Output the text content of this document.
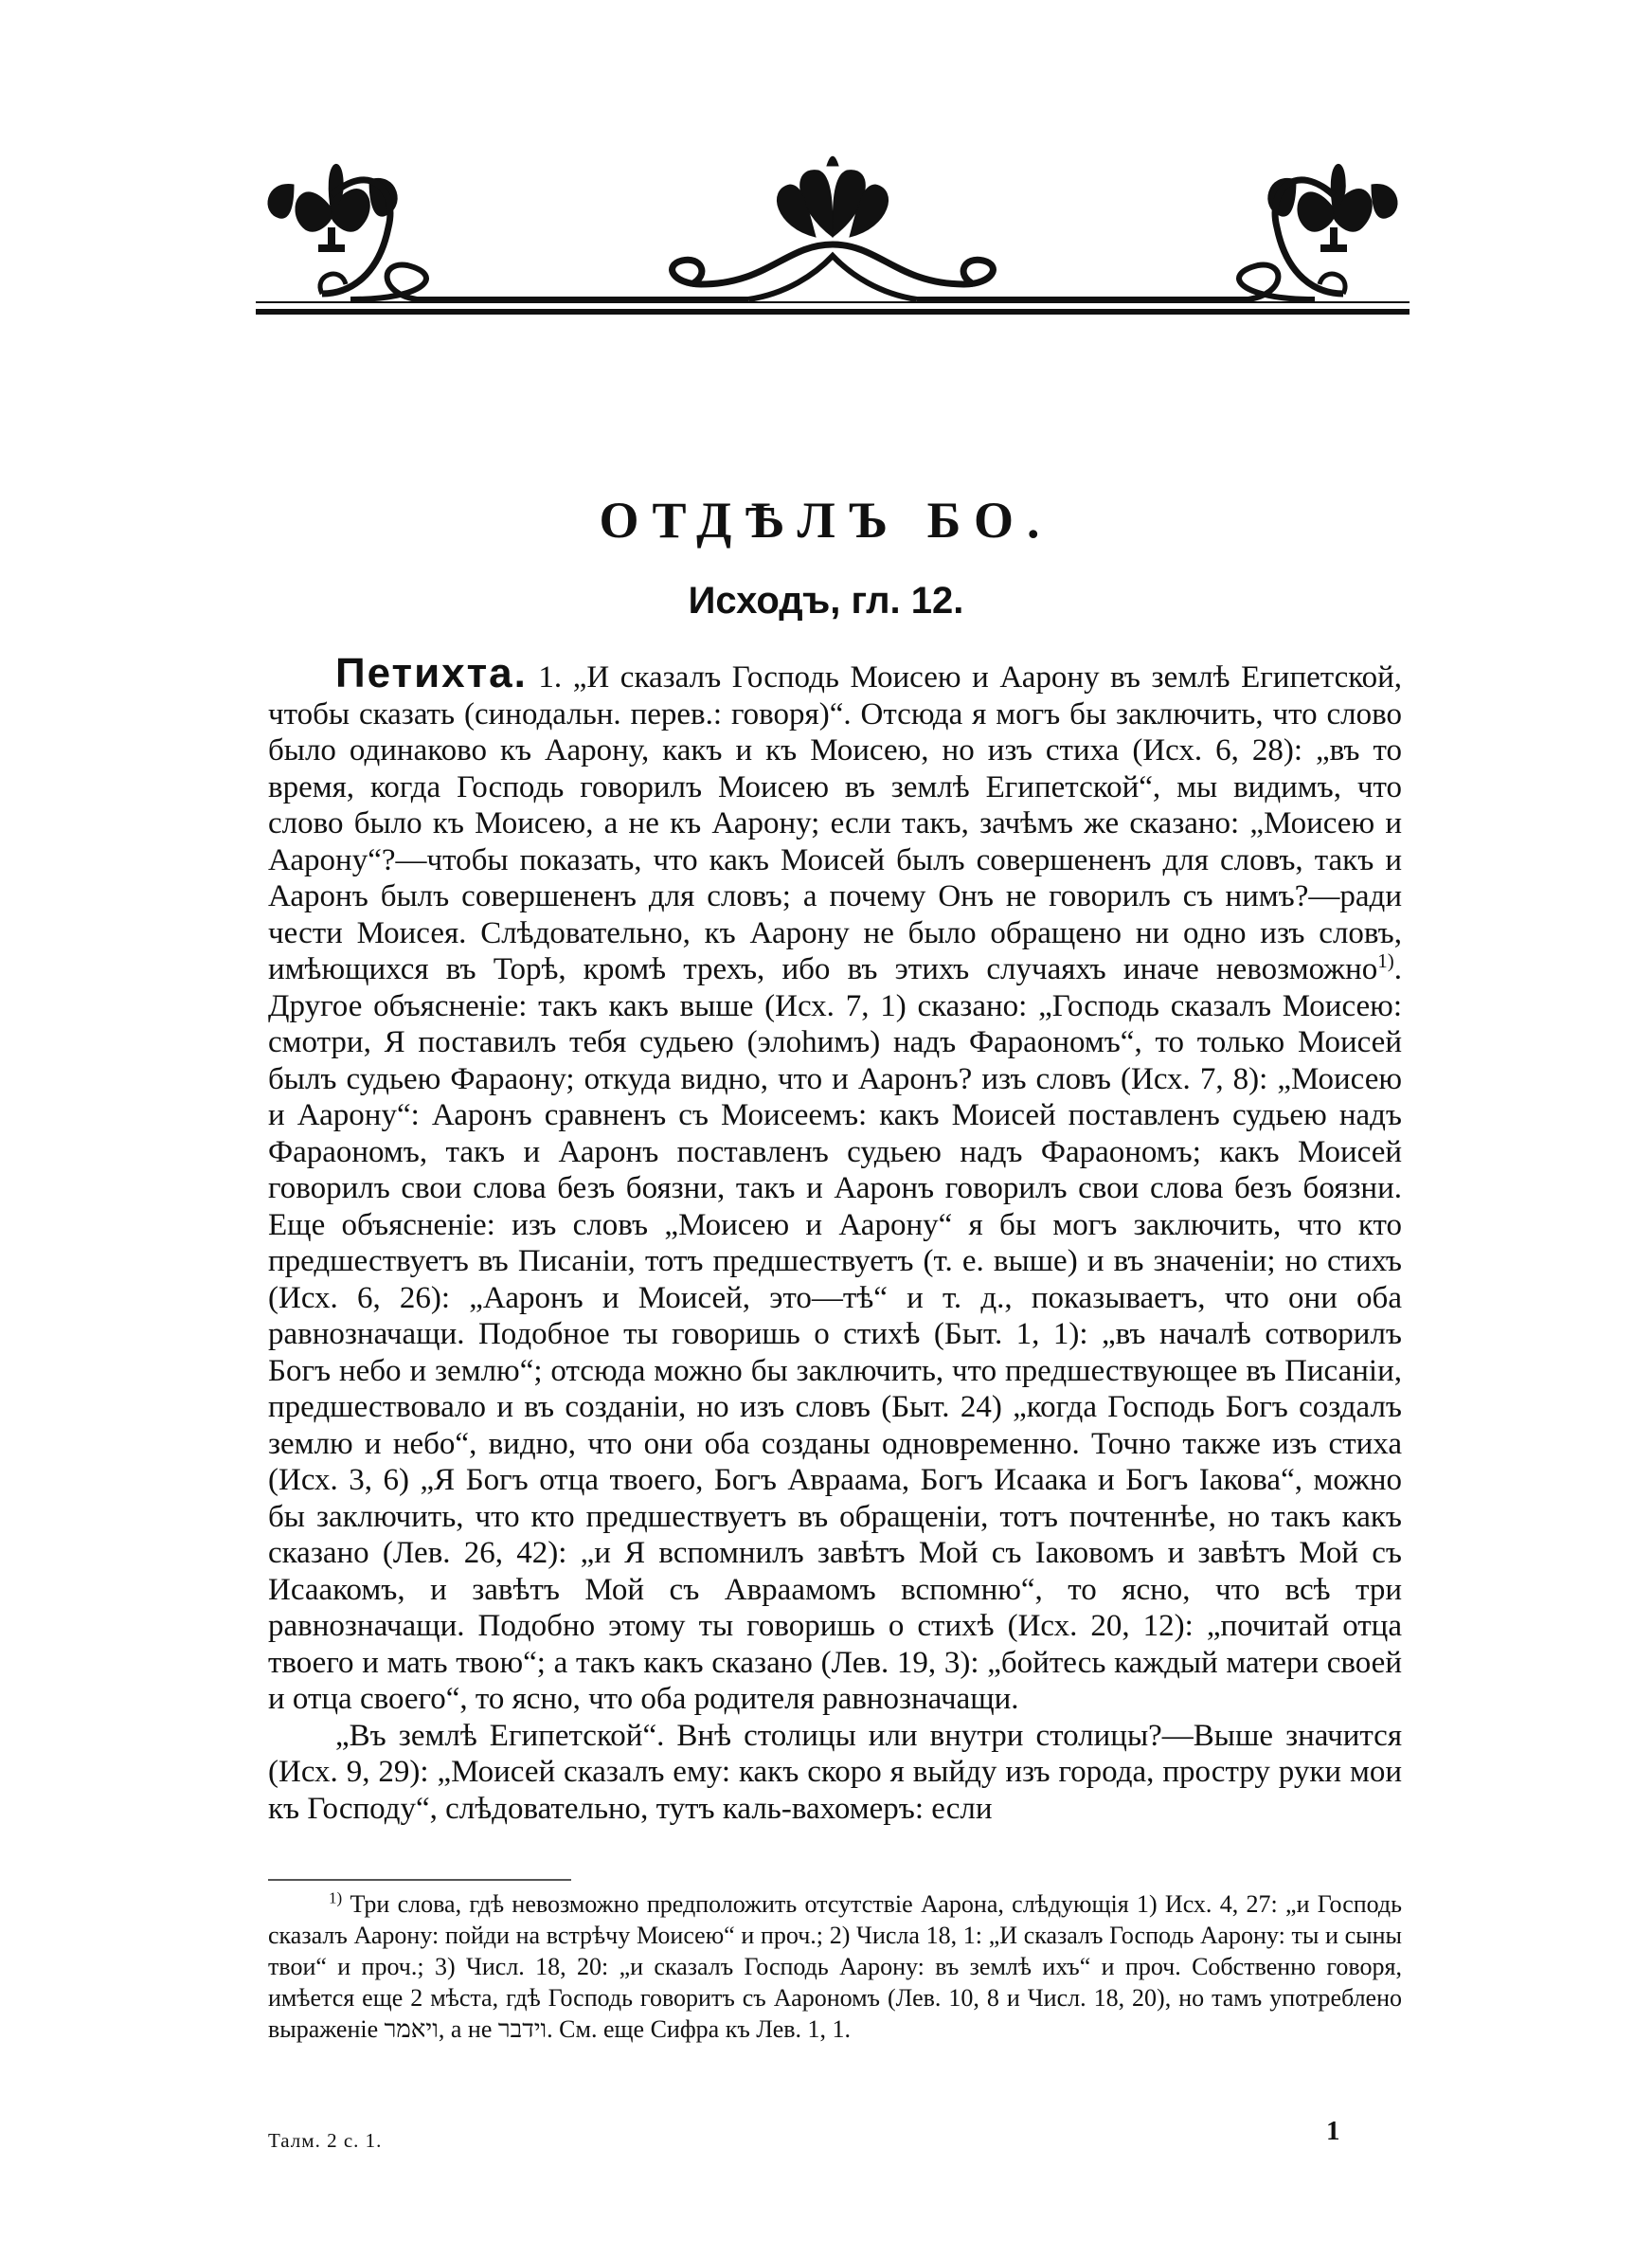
ОТДѢЛЪ БО.
Исходъ, гл. 12.

Петихта. 1. „И сказалъ Господь Моисею и Аарону въ землѣ Египетской, чтобы сказать (синодальн. перев.: говоря)“. Отсюда я могъ бы заключить, что слово было одинаково къ Аарону, какъ и къ Моисею, но изъ стиха (Исх. 6, 28): „въ то время, когда Господь говорилъ Моисею въ землѣ Египетской“, мы видимъ, что слово было къ Моисею, а не къ Аарону; если такъ, зачѣмъ же сказано: „Моисею и Аарону“?—чтобы показать, что какъ Моисей былъ совершененъ для словъ, такъ и Ааронъ былъ совершененъ для словъ; а почему Онъ не говорилъ съ нимъ?—ради чести Моисея. Слѣдовательно, къ Аарону не было обращено ни одно изъ словъ, имѣющихся въ Торѣ, кромѣ трехъ, ибо въ этихъ случаяхъ иначе невозможно$^{1)}$. Другое объясненіе: такъ какъ выше (Исх. 7, 1) сказано: „Господь сказалъ Моисею: смотри, Я поставилъ тебя судьею (элоhимъ) надъ Фараономъ“, то только Моисей былъ судьею Фараону; откуда видно, что и Ааронъ? изъ словъ (Исх. 7, 8): „Моисею и Аарону“: Ааронъ сравненъ съ Моисеемъ: какъ Моисей поставленъ судьею надъ Фараономъ, такъ и Ааронъ поставленъ судьею надъ Фараономъ; какъ Моисей говорилъ свои слова безъ боязни, такъ и Ааронъ говорилъ свои слова безъ боязни. Еще объясненіе: изъ словъ „Моисею и Аарону“ я бы могъ заключить, что кто предшествуетъ въ Писаніи, тотъ предшествуетъ (т. е. выше) и въ значеніи; но стихъ (Исх. 6, 26): „Ааронъ и Моисей, это—тѣ“ и т. д., показываетъ, что они оба равнозначащи. Подобное ты говоришь о стихѣ (Быт. 1, 1): „въ началѣ сотворилъ Богъ небо и землю“; отсюда можно бы заключить, что предшествующее въ Писаніи, предшествовало и въ созданіи, но изъ словъ (Быт. 24) „когда Господь Богъ создалъ землю и небо“, видно, что они оба созданы одновременно. Точно также изъ стиха (Исх. 3, 6) „Я Богъ отца твоего, Богъ Авраама, Богъ Исаака и Богъ Іакова“, можно бы заключить, что кто предшествуетъ въ обращеніи, тотъ почтеннѣе, но такъ какъ сказано (Лев. 26, 42): „и Я вспомнилъ завѣтъ Мой съ Іаковомъ и завѣтъ Мой съ Исаакомъ, и завѣтъ Мой съ Авраамомъ вспомню“, то ясно, что всѣ три равнозначащи. Подобно этому ты говоришь о стихѣ (Исх. 20, 12): „почитай отца твоего и мать твою“; а такъ какъ сказано (Лев. 19, 3): „бойтесь каждый матери своей и отца своего“, то ясно, что оба родителя равнозначащи.

„Въ землѣ Египетской“. Внѣ столицы или внутри столицы?—Выше значится (Исх. 9, 29): „Моисей сказалъ ему: какъ скоро я выйду изъ города, простру руки мои къ Господу“, слѣдовательно, тутъ каль-вахомеръ: если

$^{1)}$ Три слова, гдѣ невозможно предположить отсутствіе Аарона, слѣдующія 1) Исх. 4, 27: „и Господь сказалъ Аарону: пойди на встрѣчу Моисею“ и проч.; 2) Числа 18, 1: „И сказалъ Господь Аарону: ты и сыны твои“ и проч.; 3) Числ. 18, 20: „и сказалъ Господь Аарону: въ землѣ ихъ“ и проч. Собственно говоря, имѣется еще 2 мѣста, гдѣ Господь говоритъ съ Аарономъ (Лев. 10, 8 и Числ. 18, 20), но тамъ употреблено выраженіе ויאמר, а не וידבר. См. еще Сифра къ Лев. 1, 1.
Талм. 2 с. 1.	1
